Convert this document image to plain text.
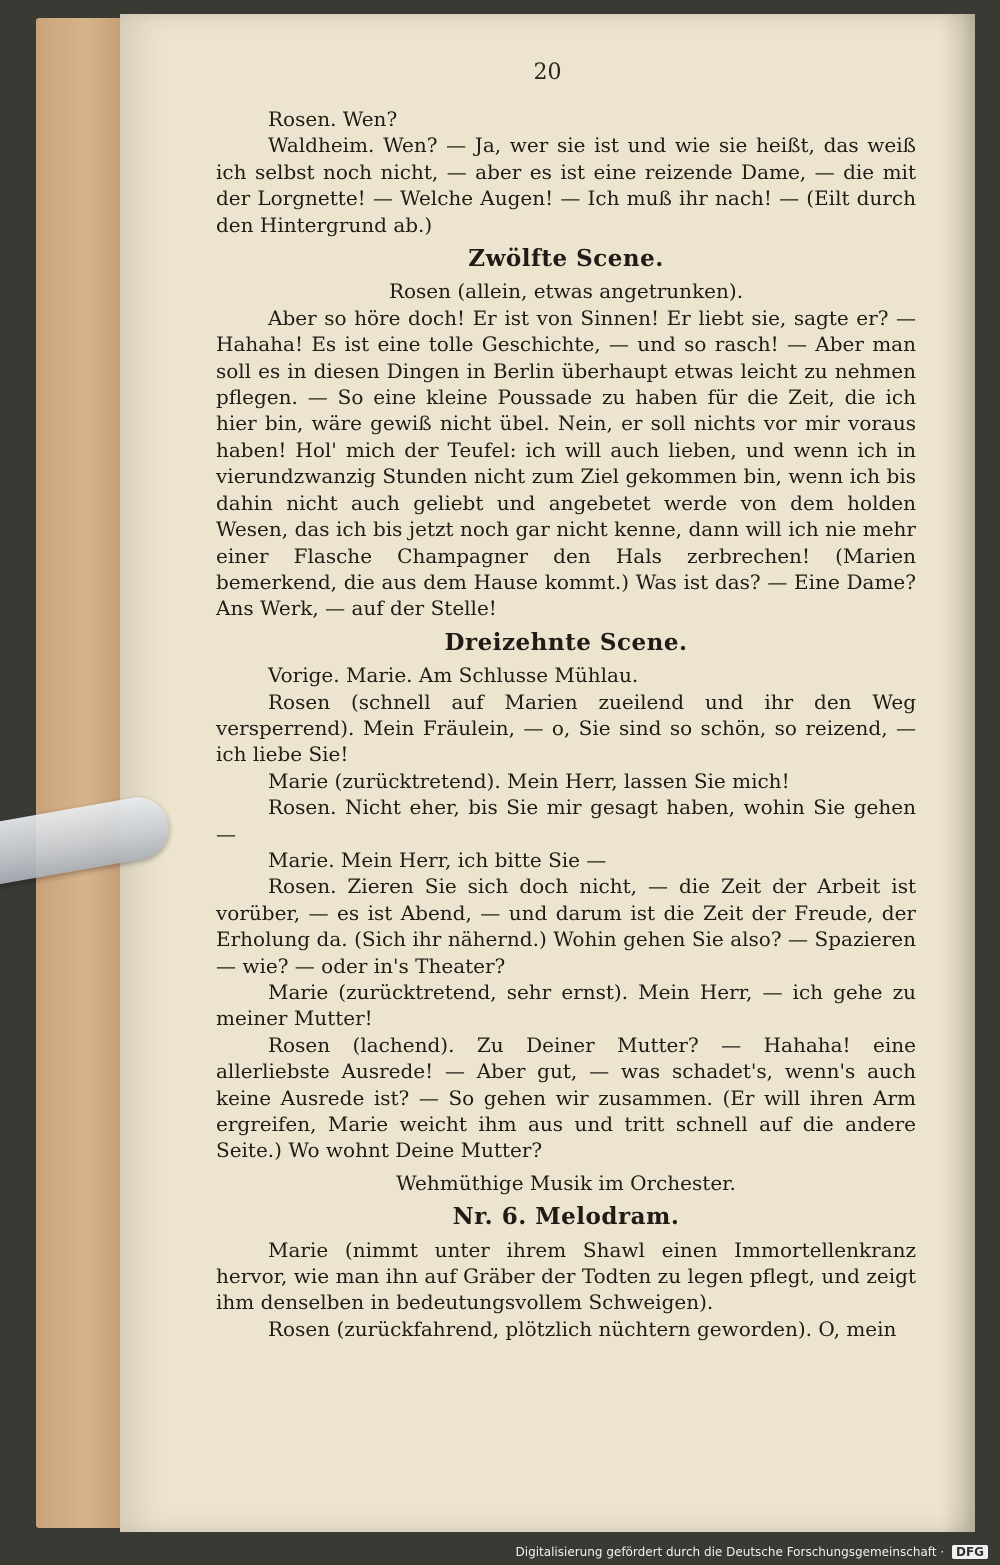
20

Rosen. Wen?

Waldheim. Wen? — Ja, wer sie ist und wie sie heißt, das weiß ich selbst noch nicht, — aber es ist eine reizende Dame, — die mit der Lorgnette! — Welche Augen! — Ich muß ihr nach! — (Eilt durch den Hintergrund ab.)

Zwölfte Scene.

Rosen (allein, etwas angetrunken).

Aber so höre doch! Er ist von Sinnen! Er liebt sie, sagte er? — Hahaha! Es ist eine tolle Geschichte, — und so rasch! — Aber man soll es in diesen Dingen in Berlin überhaupt etwas leicht zu nehmen pflegen. — So eine kleine Poussade zu haben für die Zeit, die ich hier bin, wäre gewiß nicht übel. Nein, er soll nichts vor mir voraus haben! Hol' mich der Teufel: ich will auch lieben, und wenn ich in vierundzwanzig Stunden nicht zum Ziel gekommen bin, wenn ich bis dahin nicht auch geliebt und angebetet werde von dem holden Wesen, das ich bis jetzt noch gar nicht kenne, dann will ich nie mehr einer Flasche Champagner den Hals zerbrechen! (Marien bemerkend, die aus dem Hause kommt.) Was ist das? — Eine Dame? Ans Werk, — auf der Stelle!

Dreizehnte Scene.

Vorige. Marie. Am Schlusse Mühlau.

Rosen (schnell auf Marien zueilend und ihr den Weg versperrend). Mein Fräulein, — o, Sie sind so schön, so reizend, — ich liebe Sie!

Marie (zurücktretend). Mein Herr, lassen Sie mich!

Rosen. Nicht eher, bis Sie mir gesagt haben, wohin Sie gehen —

Marie. Mein Herr, ich bitte Sie —

Rosen. Zieren Sie sich doch nicht, — die Zeit der Arbeit ist vorüber, — es ist Abend, — und darum ist die Zeit der Freude, der Erholung da. (Sich ihr nähernd.) Wohin gehen Sie also? — Spazieren — wie? — oder in's Theater?

Marie (zurücktretend, sehr ernst). Mein Herr, — ich gehe zu meiner Mutter!

Rosen (lachend). Zu Deiner Mutter? — Hahaha! eine allerliebste Ausrede! — Aber gut, — was schadet's, wenn's auch keine Ausrede ist? — So gehen wir zusammen. (Er will ihren Arm ergreifen, Marie weicht ihm aus und tritt schnell auf die andere Seite.) Wo wohnt Deine Mutter?

Wehmüthige Musik im Orchester.

Nr. 6. Melodram.

Marie (nimmt unter ihrem Shawl einen Immortellenkranz hervor, wie man ihn auf Gräber der Todten zu legen pflegt, und zeigt ihm denselben in bedeutungsvollem Schweigen).

Rosen (zurückfahrend, plötzlich nüchtern geworden). O, mein

Digitalisierung gefördert durch die Deutsche Forschungsgemeinschaft · DFG
